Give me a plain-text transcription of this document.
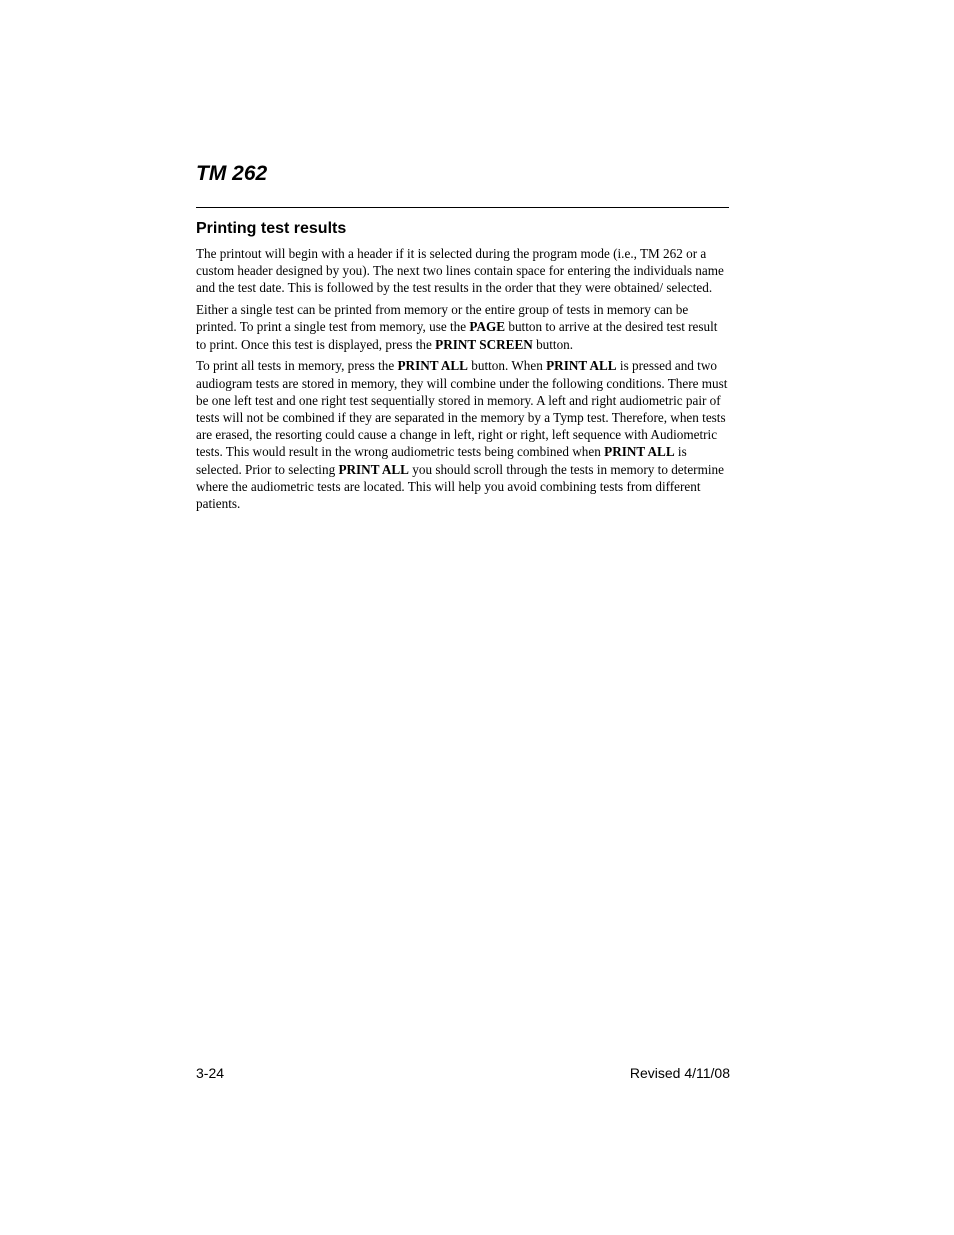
TM 262
Printing test results

The printout will begin with a header if it is selected during the program mode (i.e., TM 262 or a custom header designed by you). The next two lines contain space for entering the individuals name and the test date. This is followed by the test results in the order that they were obtained/ selected.

Either a single test can be printed from memory or the entire group of tests in memory can be printed. To print a single test from memory, use the PAGE button to arrive at the desired test result to print. Once this test is displayed, press the PRINT SCREEN button.

To print all tests in memory, press the PRINT ALL button. When PRINT ALL is pressed and two audiogram tests are stored in memory, they will combine under the following conditions. There must be one left test and one right test sequentially stored in memory. A left and right audiometric pair of tests will not be combined if they are separated in the memory by a Tymp test. Therefore, when tests are erased, the resorting could cause a change in left, right or right, left sequence with Audiometric tests. This would result in the wrong audiometric tests being combined when PRINT ALL is selected. Prior to selecting PRINT ALL you should scroll through the tests in memory to determine where the audiometric tests are located. This will help you avoid combining tests from different patients.

3-24	Revised 4/11/08
